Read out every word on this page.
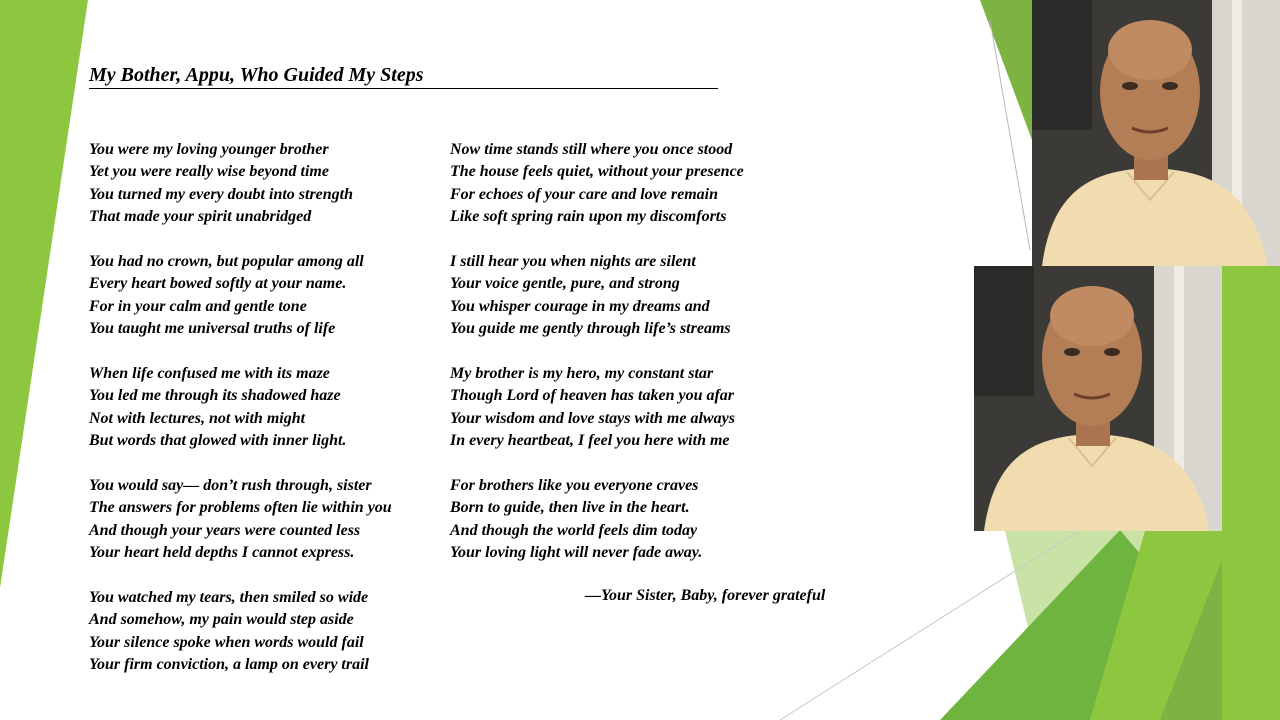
My Bother, Appu, Who Guided My Steps
You were my loving younger brother
Yet you were really wise beyond time
You turned my every doubt into strength
That made your spirit unabridged
You had no crown, but popular among all
Every heart bowed softly at your name.
For in your calm and gentle tone
You taught me universal truths of life
When life confused me with its maze
You led me through its shadowed haze
Not with lectures, not with might
But words that glowed with inner light.
You would say— don’t rush through, sister
The answers for problems often lie within you
And though your years were counted less
Your heart held depths I cannot express.
You watched my tears, then smiled so wide
And somehow, my pain would step aside
Your silence spoke when words would fail
Your firm conviction, a lamp on every trail
Now time stands still where you once stood
The house feels quiet, without your presence
For echoes of your care and love remain
Like soft spring rain upon my discomforts
I still hear you when nights are silent
Your voice gentle, pure, and strong
You whisper courage in my dreams and
You guide me gently through life’s streams
My brother is my hero, my constant star
Though Lord of heaven has taken you afar
Your wisdom and love stays with me always
In every heartbeat, I feel you here with me
For brothers like you everyone craves
Born to guide, then live in the heart.
And though the world feels dim today
Your loving light will never fade away.
—Your Sister, Baby, forever grateful
